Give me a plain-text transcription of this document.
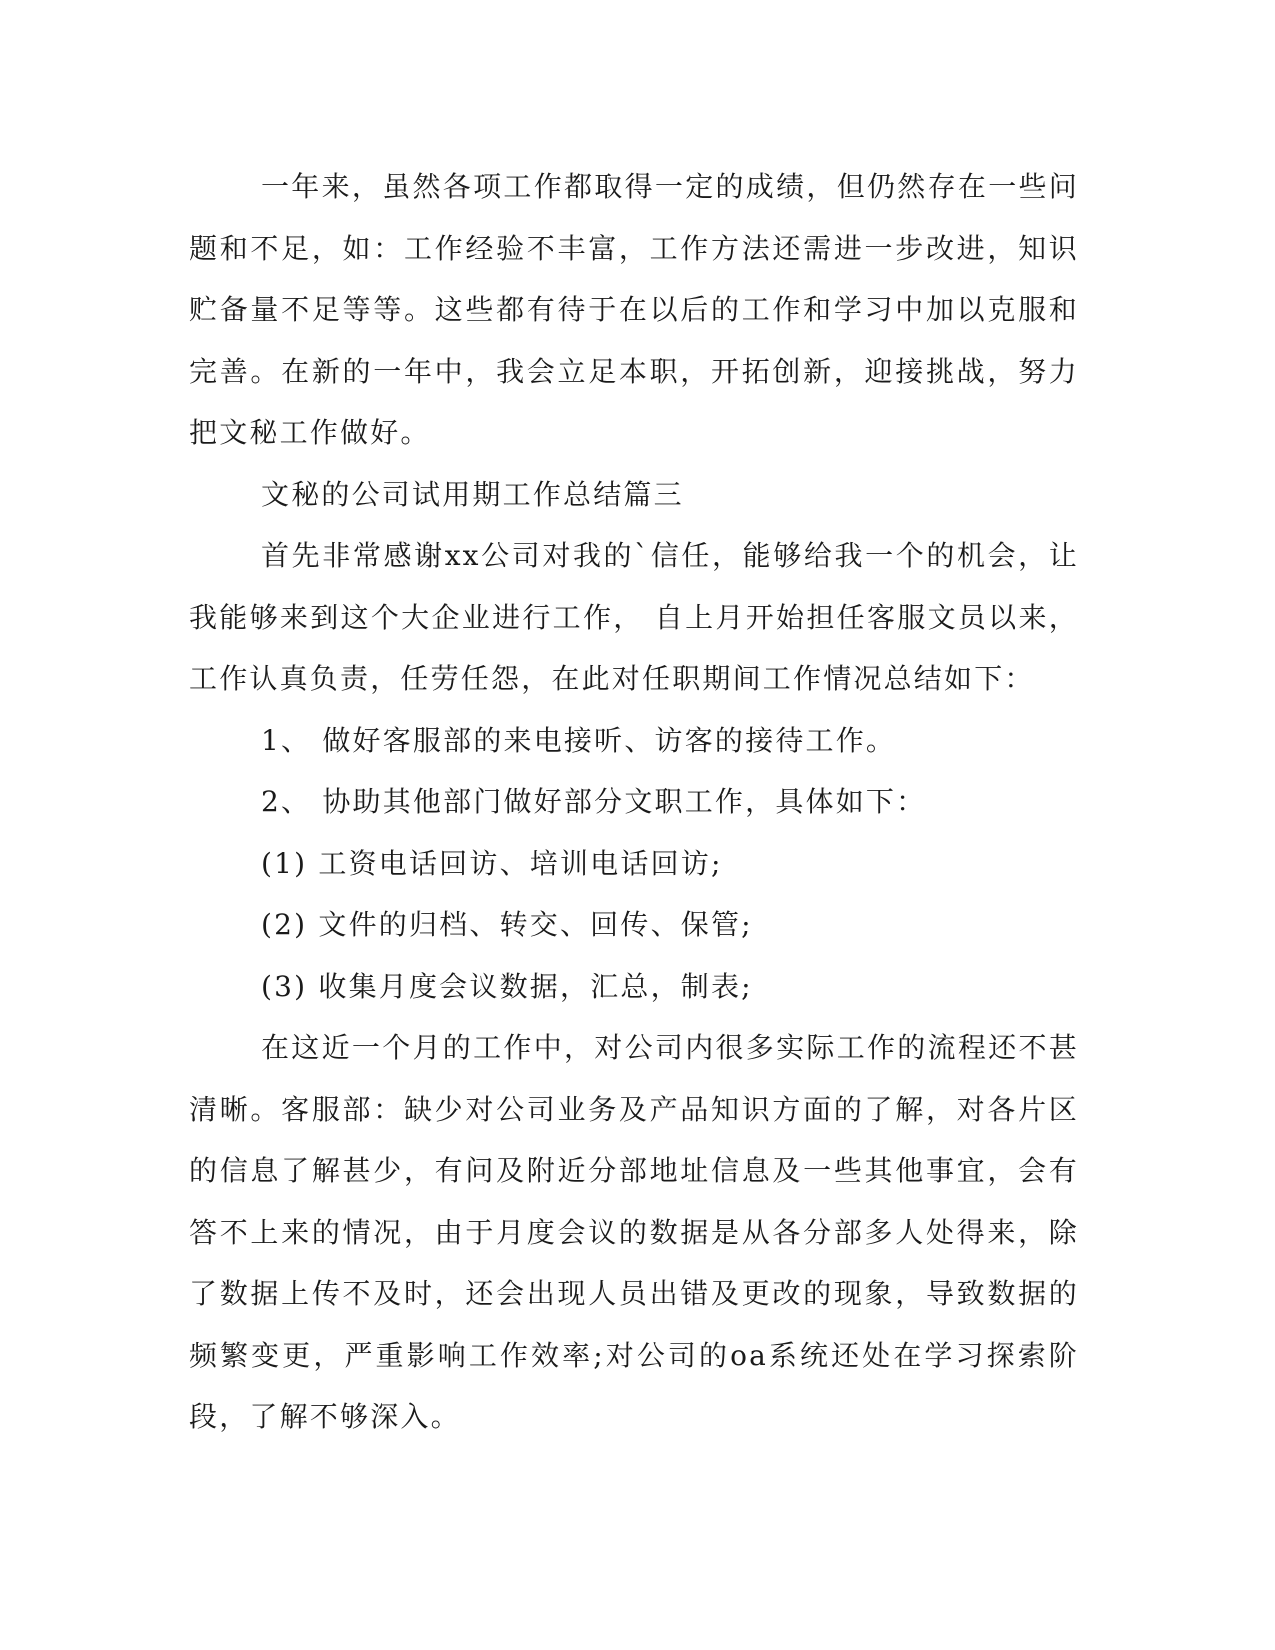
一年来，虽然各项工作都取得一定的成绩，但仍然存在一些问题和不足，如：工作经验不丰富，工作方法还需进一步改进，知识贮备量不足等等。这些都有待于在以后的工作和学习中加以克服和完善。在新的一年中，我会立足本职，开拓创新，迎接挑战，努力把文秘工作做好。

文秘的公司试用期工作总结篇三

首先非常感谢xx公司对我的`信任，能够给我一个的机会，让我能够来到这个大企业进行工作， 自上月开始担任客服文员以来，工作认真负责，任劳任怨，在此对任职期间工作情况总结如下：

1、 做好客服部的来电接听、访客的接待工作。

2、 协助其他部门做好部分文职工作，具体如下：

(1) 工资电话回访、培训电话回访;

(2) 文件的归档、转交、回传、保管;

(3) 收集月度会议数据，汇总，制表;

在这近一个月的工作中，对公司内很多实际工作的流程还不甚清晰。客服部：缺少对公司业务及产品知识方面的了解，对各片区的信息了解甚少，有问及附近分部地址信息及一些其他事宜，会有答不上来的情况，由于月度会议的数据是从各分部多人处得来，除了数据上传不及时，还会出现人员出错及更改的现象，导致数据的频繁变更，严重影响工作效率;对公司的oa系统还处在学习探索阶段，了解不够深入。
